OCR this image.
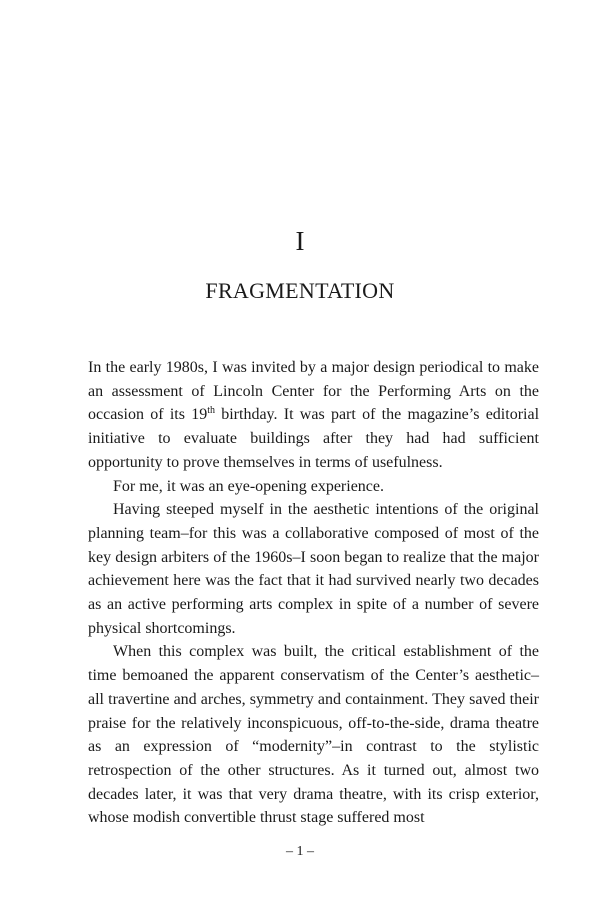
I
FRAGMENTATION

In the early 1980s, I was invited by a major design periodical to make an assessment of Lincoln Center for the Performing Arts on the occasion of its 19th birthday. It was part of the magazine’s editorial initiative to evaluate buildings after they had had sufficient opportunity to prove themselves in terms of usefulness.

For me, it was an eye-opening experience.

Having steeped myself in the aesthetic intentions of the original planning team–for this was a collaborative composed of most of the key design arbiters of the 1960s–I soon began to realize that the major achievement here was the fact that it had survived nearly two decades as an active performing arts complex in spite of a number of severe physical shortcomings.

When this complex was built, the critical establishment of the time bemoaned the apparent conservatism of the Center’s aesthetic–all travertine and arches, symmetry and containment. They saved their praise for the relatively inconspicuous, off-to-the-side, drama theatre as an expression of “modernity”–in contrast to the stylistic retrospection of the other structures. As it turned out, almost two decades later, it was that very drama theatre, with its crisp exterior, whose modish convertible thrust stage suffered most

– 1 –
